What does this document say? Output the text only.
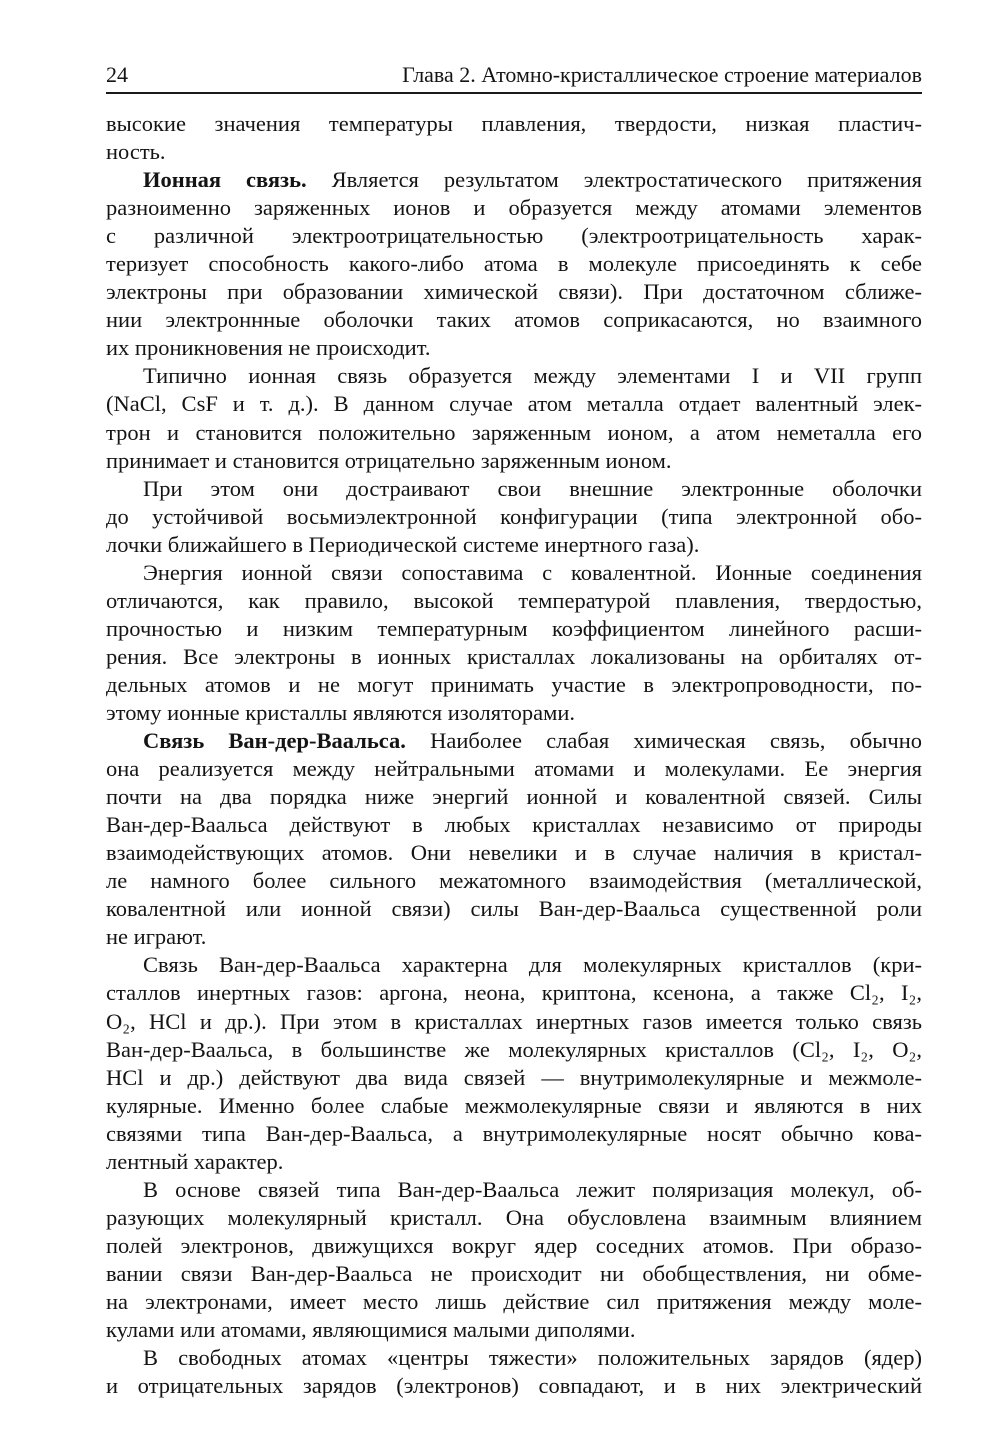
24	Глава 2. Атомно-кристаллическое строение материалов
высокие значения температуры плавления, твердости, низкая пластич-
ность.
Ионная связь. Является результатом электростатического притяжения
разноименно заряженных ионов и образуется между атомами элементов
с различной электроотрицательностью (электроотрицательность харак-
теризует способность какого-либо атома в молекуле присоединять к себе
электроны при образовании химической связи). При достаточном сближе-
нии электроннные оболочки таких атомов соприкасаются, но взаимного
их проникновения не происходит.
Типично ионная связь образуется между элементами I и VII групп
(NaCl, CsF и т. д.). В данном случае атом металла отдает валентный элек-
трон и становится положительно заряженным ионом, а атом неметалла его
принимает и становится отрицательно заряженным ионом.
При этом они достраивают свои внешние электронные оболочки
до устойчивой восьмиэлектронной конфигурации (типа электронной обо-
лочки ближайшего в Периодической системе инертного газа).
Энергия ионной связи сопоставима с ковалентной. Ионные соединения
отличаются, как правило, высокой температурой плавления, твердостью,
прочностью и низким температурным коэффициентом линейного расши-
рения. Все электроны в ионных кристаллах локализованы на орбиталях от-
дельных атомов и не могут принимать участие в электропроводности, по-
этому ионные кристаллы являются изоляторами.
Связь Ван-дер-Ваальса. Наиболее слабая химическая связь, обычно
она реализуется между нейтральными атомами и молекулами. Ее энергия
почти на два порядка ниже энергий ионной и ковалентной связей. Силы
Ван-дер-Ваальса действуют в любых кристаллах независимо от природы
взаимодействующих атомов. Они невелики и в случае наличия в кристал-
ле намного более сильного межатомного взаимодействия (металлической,
ковалентной или ионной связи) силы Ван-дер-Ваальса существенной роли
не играют.
Связь Ван-дер-Ваальса характерна для молекулярных кристаллов (кри-
сталлов инертных газов: аргона, неона, криптона, ксенона, а также Cl₂, I₂,
O₂, HCl и др.). При этом в кристаллах инертных газов имеется только связь
Ван-дер-Ваальса, в большинстве же молекулярных кристаллов (Cl₂, I₂, O₂,
HCl и др.) действуют два вида связей — внутримолекулярные и межмоле-
кулярные. Именно более слабые межмолекулярные связи и являются в них
связями типа Ван-дер-Ваальса, а внутримолекулярные носят обычно кова-
лентный характер.
В основе связей типа Ван-дер-Ваальса лежит поляризация молекул, об-
разующих молекулярный кристалл. Она обусловлена взаимным влиянием
полей электронов, движущихся вокруг ядер соседних атомов. При образо-
вании связи Ван-дер-Ваальса не происходит ни обобществления, ни обме-
на электронами, имеет место лишь действие сил притяжения между моле-
кулами или атомами, являющимися малыми диполями.
В свободных атомах «центры тяжести» положительных зарядов (ядер)
и отрицательных зарядов (электронов) совпадают, и в них электрический
